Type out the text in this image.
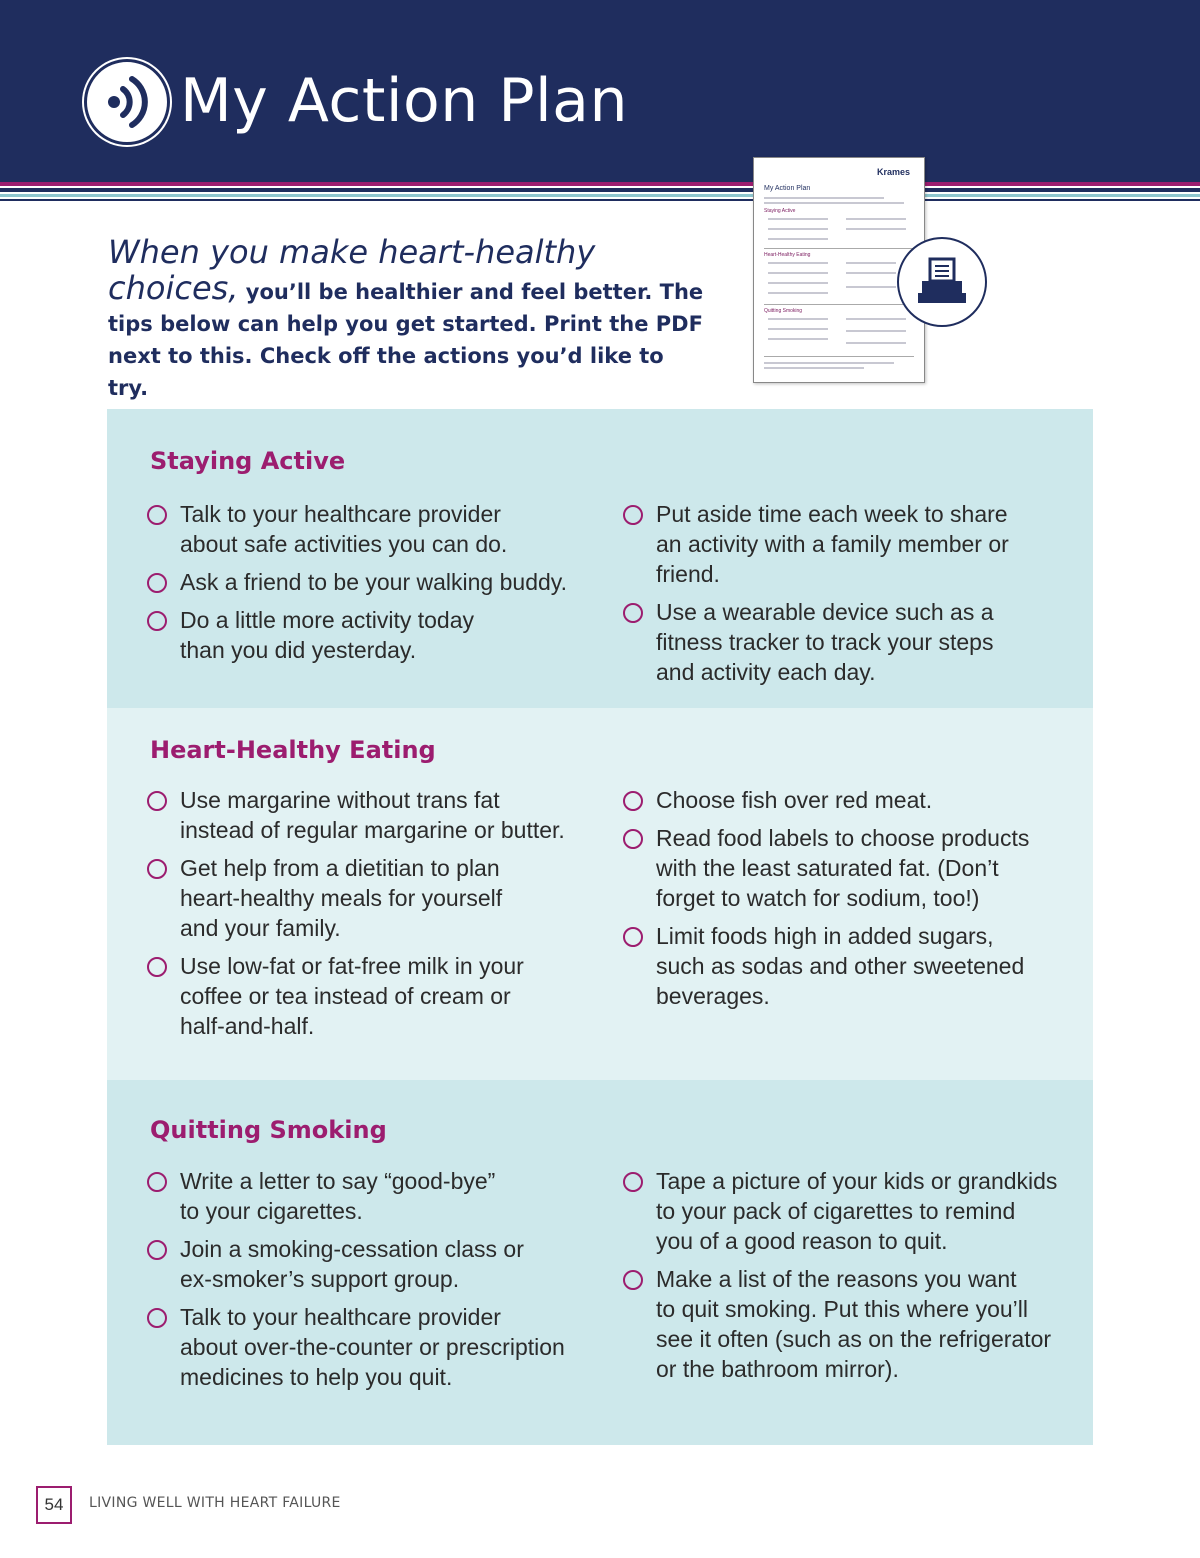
My Action Plan
When you make heart-healthy choices, you’ll be healthier and feel better. The tips below can help you get started. Print the PDF next to this. Check off the actions you’d like to try.
Krames
My Action Plan
Staying Active
Heart-Healthy Eating
Quitting Smoking
Staying Active
Talk to your healthcare provider
about safe activities you can do.
Ask a friend to be your walking buddy.
Do a little more activity today
than you did yesterday.
Put aside time each week to share
an activity with a family member or
friend.
Use a wearable device such as a
fitness tracker to track your steps
and activity each day.
Heart-Healthy Eating
Use margarine without trans fat
instead of regular margarine or butter.
Get help from a dietitian to plan
heart-healthy meals for yourself
and your family.
Use low-fat or fat-free milk in your
coffee or tea instead of cream or
half-and-half.
Choose fish over red meat.
Read food labels to choose products
with the least saturated fat. (Don’t
forget to watch for sodium, too!)
Limit foods high in added sugars,
such as sodas and other sweetened
beverages.
Quitting Smoking
Write a letter to say “good-bye”
to your cigarettes.
Join a smoking-cessation class or
ex-smoker’s support group.
Talk to your healthcare provider
about over-the-counter or prescription
medicines to help you quit.
Tape a picture of your kids or grandkids
to your pack of cigarettes to remind
you of a good reason to quit.
Make a list of the reasons you want
to quit smoking. Put this where you’ll
see it often (such as on the refrigerator
or the bathroom mirror).
54	LIVING WELL WITH HEART FAILURE
